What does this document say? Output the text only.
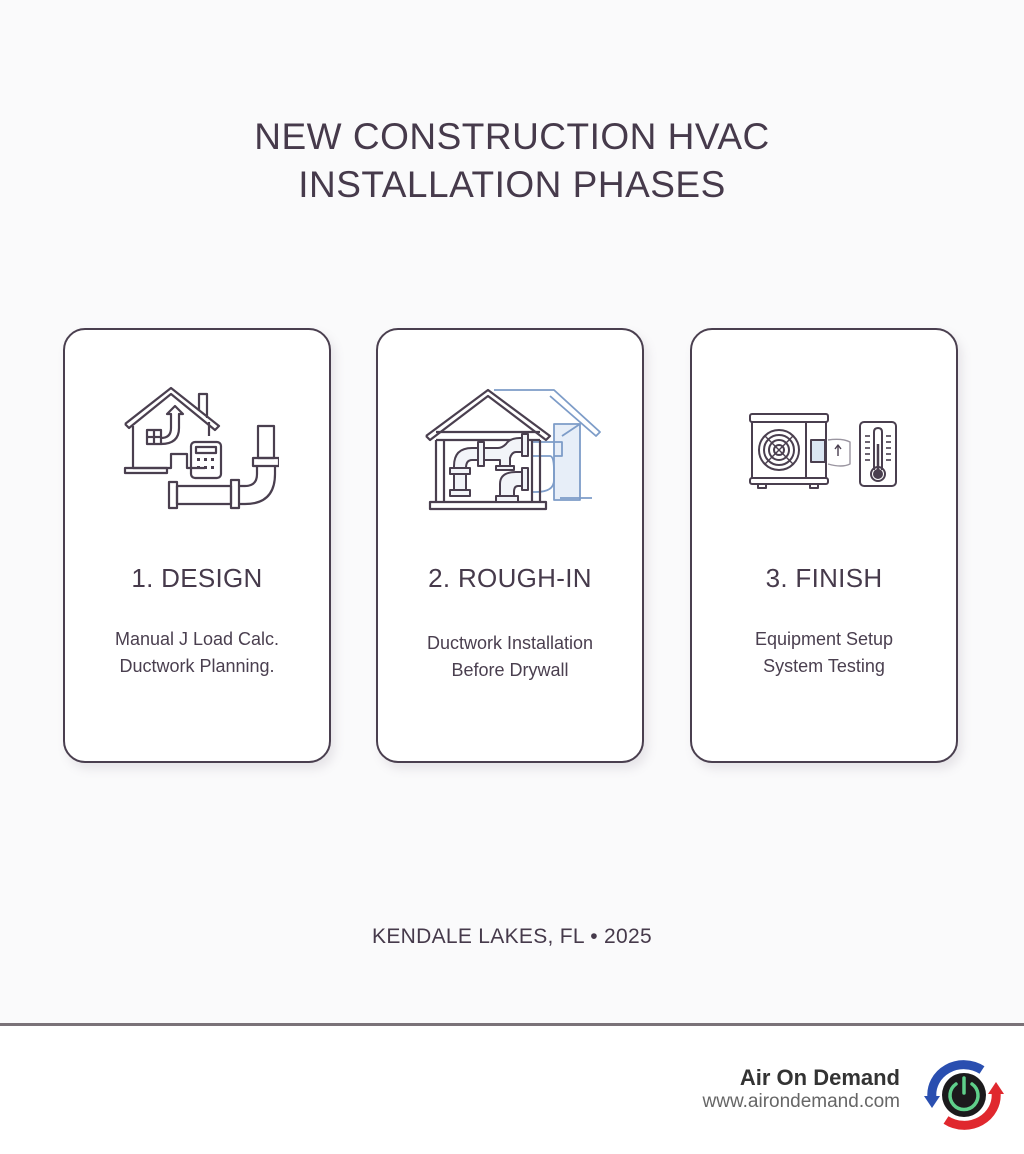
NEW CONSTRUCTION HVAC
INSTALLATION PHASES
1. DESIGN
Manual J Load Calc.
Ductwork Planning.
2. ROUGH-IN
Ductwork Installation
Before Drywall
3. FINISH
Equipment Setup
System Testing
KENDALE LAKES, FL • 2025
Air On Demand
www.airondemand.com
